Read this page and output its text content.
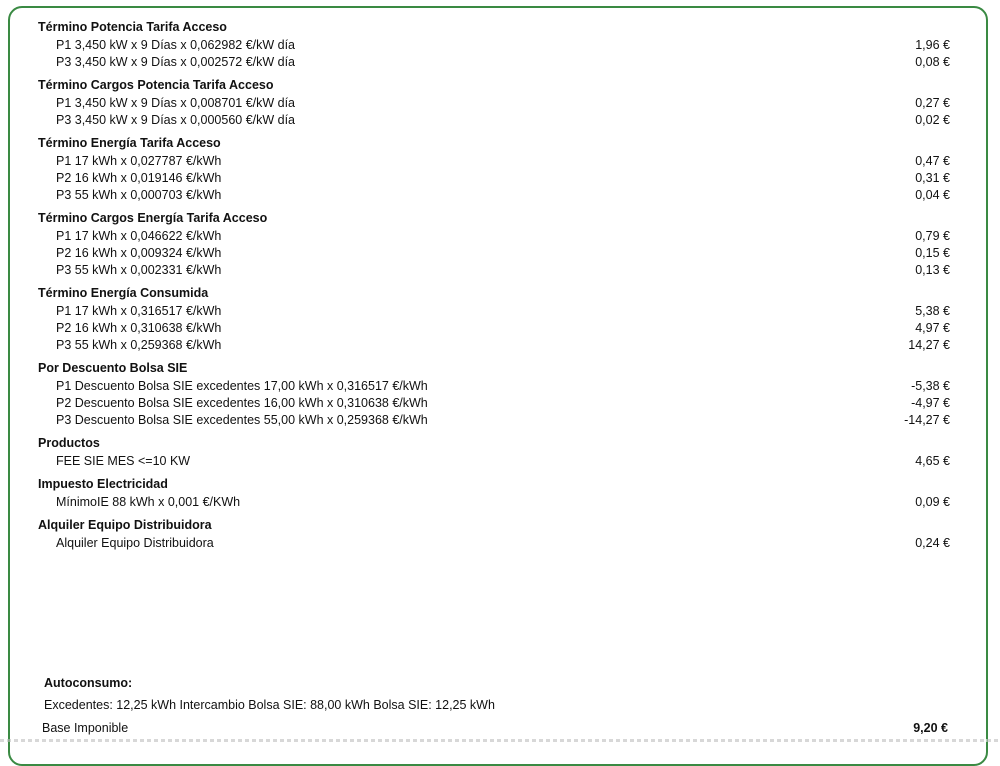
Término Potencia Tarifa Acceso
P1 3,450 kW x 9 Días x 0,062982 €/kW día	1,96 €
P3 3,450 kW x 9 Días x 0,002572 €/kW día	0,08 €
Término Cargos Potencia Tarifa Acceso
P1 3,450 kW x 9 Días x 0,008701 €/kW día	0,27 €
P3 3,450 kW x 9 Días x 0,000560 €/kW día	0,02 €
Término Energía Tarifa Acceso
P1 17 kWh x 0,027787 €/kWh	0,47 €
P2 16 kWh x 0,019146 €/kWh	0,31 €
P3 55 kWh x 0,000703 €/kWh	0,04 €
Término Cargos Energía Tarifa Acceso
P1 17 kWh x 0,046622 €/kWh	0,79 €
P2 16 kWh x 0,009324 €/kWh	0,15 €
P3 55 kWh x 0,002331 €/kWh	0,13 €
Término Energía Consumida
P1 17 kWh x 0,316517 €/kWh	5,38 €
P2 16 kWh x 0,310638 €/kWh	4,97 €
P3 55 kWh x 0,259368 €/kWh	14,27 €
Por Descuento Bolsa SIE
P1 Descuento Bolsa SIE excedentes 17,00 kWh x 0,316517 €/kWh	-5,38 €
P2 Descuento Bolsa SIE excedentes 16,00 kWh x 0,310638 €/kWh	-4,97 €
P3 Descuento Bolsa SIE excedentes 55,00 kWh x 0,259368 €/kWh	-14,27 €
Productos
FEE SIE MES <=10 KW	4,65 €
Impuesto Electricidad
MínimoIE 88 kWh x 0,001 €/KWh	0,09 €
Alquiler Equipo Distribuidora
Alquiler Equipo Distribuidora	0,24 €
Autoconsumo:
Excedentes: 12,25 kWh Intercambio Bolsa SIE: 88,00 kWh Bolsa SIE: 12,25 kWh
Base Imponible	9,20 €
